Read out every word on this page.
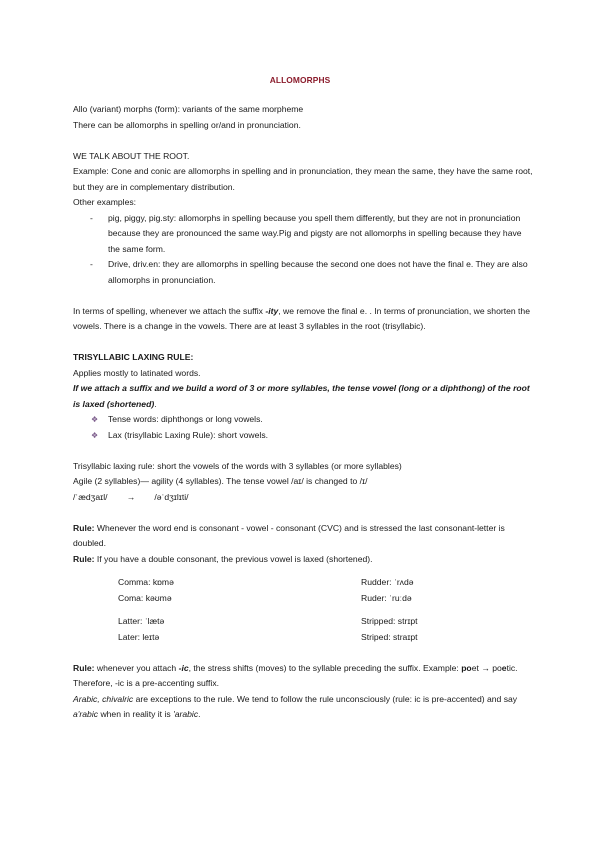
ALLOMORPHS

Allo (variant) morphs (form): variants of the same morpheme

There can be allomorphs in spelling or/and in pronunciation.

WE TALK ABOUT THE ROOT.

Example: Cone and conic are allomorphs in spelling and in pronunciation, they mean the same, they have the same root, but they are in complementary distribution.

Other examples:

- pig, piggy, pig.sty: allomorphs in spelling because you spell them differently, but they are not in pronunciation because they are pronounced the same way.Pig and pigsty are not allomorphs in spelling because they have the same form.
- Drive, driv.en: they are allomorphs in spelling because the second one does not have the final e. They are also allomorphs in pronunciation.

In terms of spelling, whenever we attach the suffix -ity, we remove the final e. . In terms of pronunciation, we shorten the vowels. There is a change in the vowels. There are at least 3 syllables in the root (trisyllabic).

TRISYLLABIC LAXING RULE:

Applies mostly to latinated words.

If we attach a suffix and we build a word of 3 or more syllables, the tense vowel (long or a diphthong) of the root is laxed (shortened).

❖ Tense words: diphthongs or long vowels.
❖ Lax (trisyllabic Laxing Rule): short vowels.

Trisyllabic laxing rule: short the vowels of the words with 3 syllables (or more syllables)

Agile (2 syllables)— agility (4 syllables). The tense vowel /aɪ/ is changed to /ɪ/

/ˈædʒaɪl/ → /əˈdʒɪlɪti/

Rule: Whenever the word end is consonant - vowel - consonant (CVC) and is stressed the last consonant-letter is doubled.

Rule: If you have a double consonant, the previous vowel is laxed (shortened).

Comma: kɒmə	Rudder: ˈrʌdə
Coma: kəʊmə	Ruder: ˈruːdə
Latter: ˈlætə	Stripped: strɪpt
Later: leɪtə	Striped: straɪpt

Rule: whenever you attach -ic, the stress shifts (moves) to the syllable preceding the suffix. Example: poet → poetic. Therefore, -ic is a pre-accenting suffix.

Arabic, chivalric are exceptions to the rule. We tend to follow the rule unconsciously (rule: ic is pre-accented) and say a'rabic when in reality it is 'arabic.
